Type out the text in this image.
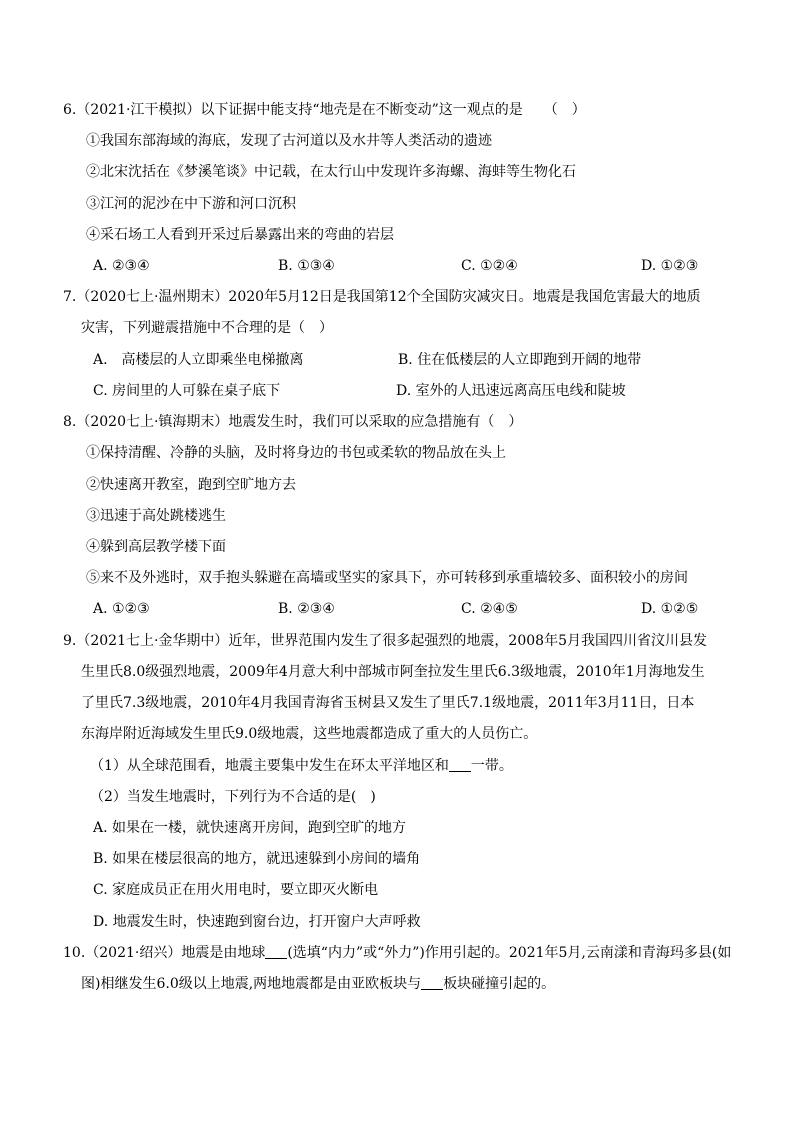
6.（2021·江干模拟）以下证据中能支持“地壳是在不断变动”这一观点的是　　（　）
①我国东部海域的海底，发现了古河道以及水井等人类活动的遗迹
②北宋沈括在《梦溪笔谈》中记载，在太行山中发现许多海螺、海蚌等生物化石
③江河的泥沙在中下游和河口沉积
④采石场工人看到开采过后暴露出来的弯曲的岩层
A. ②③④	B. ①③④	C. ①②④	D. ①②③
7.（2020七上·温州期末）2020年5月12日是我国第12个全国防灾减灾日。地震是我国危害最大的地质
灾害，下列避震措施中不合理的是（　）
A.　高楼层的人立即乘坐电梯撤离	B. 住在低楼层的人立即跑到开阔的地带
C. 房间里的人可躲在桌子底下	D. 室外的人迅速远离高压电线和陡坡
8.（2020七上·镇海期末）地震发生时，我们可以采取的应急措施有（　）
①保持清醒、冷静的头脑，及时将身边的书包或柔软的物品放在头上
②快速离开教室，跑到空旷地方去
③迅速于高处跳楼逃生
④躲到高层教学楼下面
⑤来不及外逃时，双手抱头躲避在高墙或坚实的家具下，亦可转移到承重墙较多、面积较小的房间
A. ①②③	B. ②③④	C. ②④⑤	D. ①②⑤
9.（2021七上·金华期中）近年，世界范围内发生了很多起强烈的地震，2008年5月我国四川省汶川县发
生里氏8.0级强烈地震，2009年4月意大利中部城市阿奎拉发生里氏6.3级地震，2010年1月海地发生
了里氏7.3级地震，2010年4月我国青海省玉树县又发生了里氏7.1级地震，2011年3月11日，日本
东海岸附近海域发生里氏9.0级地震，这些地震都造成了重大的人员伤亡。
（1）从全球范围看，地震主要集中发生在环太平洋地区和 一带。
（2）当发生地震时，下列行为不合适的是(　)
A. 如果在一楼，就快速离开房间，跑到空旷的地方
B. 如果在楼层很高的地方，就迅速躲到小房间的墙角
C. 家庭成员正在用火用电时，要立即灭火断电
D. 地震发生时，快速跑到窗台边，打开窗户大声呼救
10.（2021·绍兴）地震是由地球 (选填“内力”或“外力”)作用引起的。2021年5月,云南漾和青海玛多县(如
图)相继发生6.0级以上地震,两地地震都是由亚欧板块与 板块碰撞引起的。
